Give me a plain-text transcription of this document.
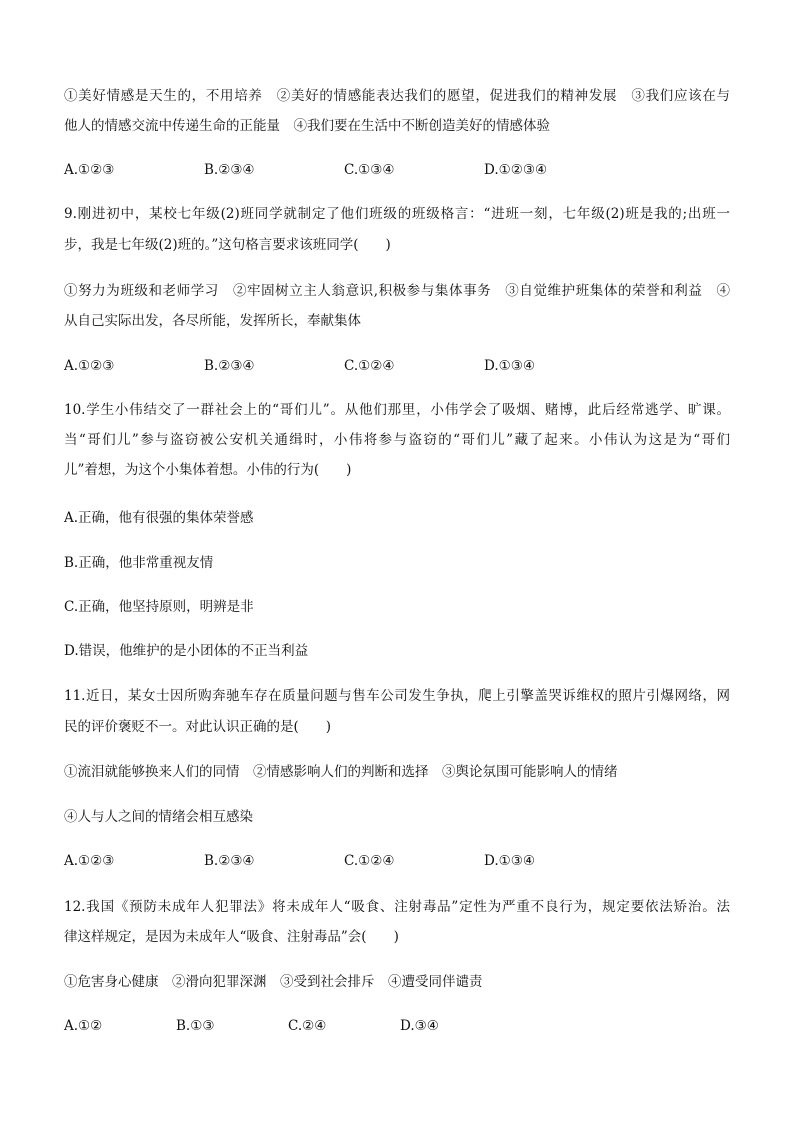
①美好情感是天生的，不用培养　②美好的情感能表达我们的愿望，促进我们的精神发展　③我们应该在与
他人的情感交流中传递生命的正能量　④我们要在生活中不断创造美好的情感体验
A.①②③	B.②③④	C.①③④	D.①②③④
9.刚进初中，某校七年级(2)班同学就制定了他们班级的班级格言：“进班一刻，七年级(2)班是我的;出班一
步，我是七年级(2)班的。”这句格言要求该班同学(　　)
①努力为班级和老师学习　②牢固树立主人翁意识,积极参与集体事务　③自觉维护班集体的荣誉和利益　④
从自己实际出发，各尽所能，发挥所长，奉献集体
A.①②③	B.②③④	C.①②④	D.①③④
10.学生小伟结交了一群社会上的“哥们儿”。从他们那里，小伟学会了吸烟、赌博，此后经常逃学、旷课。
当“哥们儿”参与盗窃被公安机关通缉时，小伟将参与盗窃的“哥们儿”藏了起来。小伟认为这是为“哥们
儿”着想，为这个小集体着想。小伟的行为(　　)
A.正确，他有很强的集体荣誉感
B.正确，他非常重视友情
C.正确，他坚持原则，明辨是非
D.错误，他维护的是小团体的不正当利益
11.近日，某女士因所购奔驰车存在质量问题与售车公司发生争执，爬上引擎盖哭诉维权的照片引爆网络，网
民的评价褒贬不一。对此认识正确的是(　　)
①流泪就能够换来人们的同情　②情感影响人们的判断和选择　③舆论氛围可能影响人的情绪
④人与人之间的情绪会相互感染
A.①②③	B.②③④	C.①②④	D.①③④
12.我国《预防未成年人犯罪法》将未成年人“吸食、注射毒品”定性为严重不良行为，规定要依法矫治。法
律这样规定，是因为未成年人“吸食、注射毒品”会(　　)
①危害身心健康　②滑向犯罪深渊　③受到社会排斥　④遭受同伴谴责
A.①②	B.①③	C.②④	D.③④
